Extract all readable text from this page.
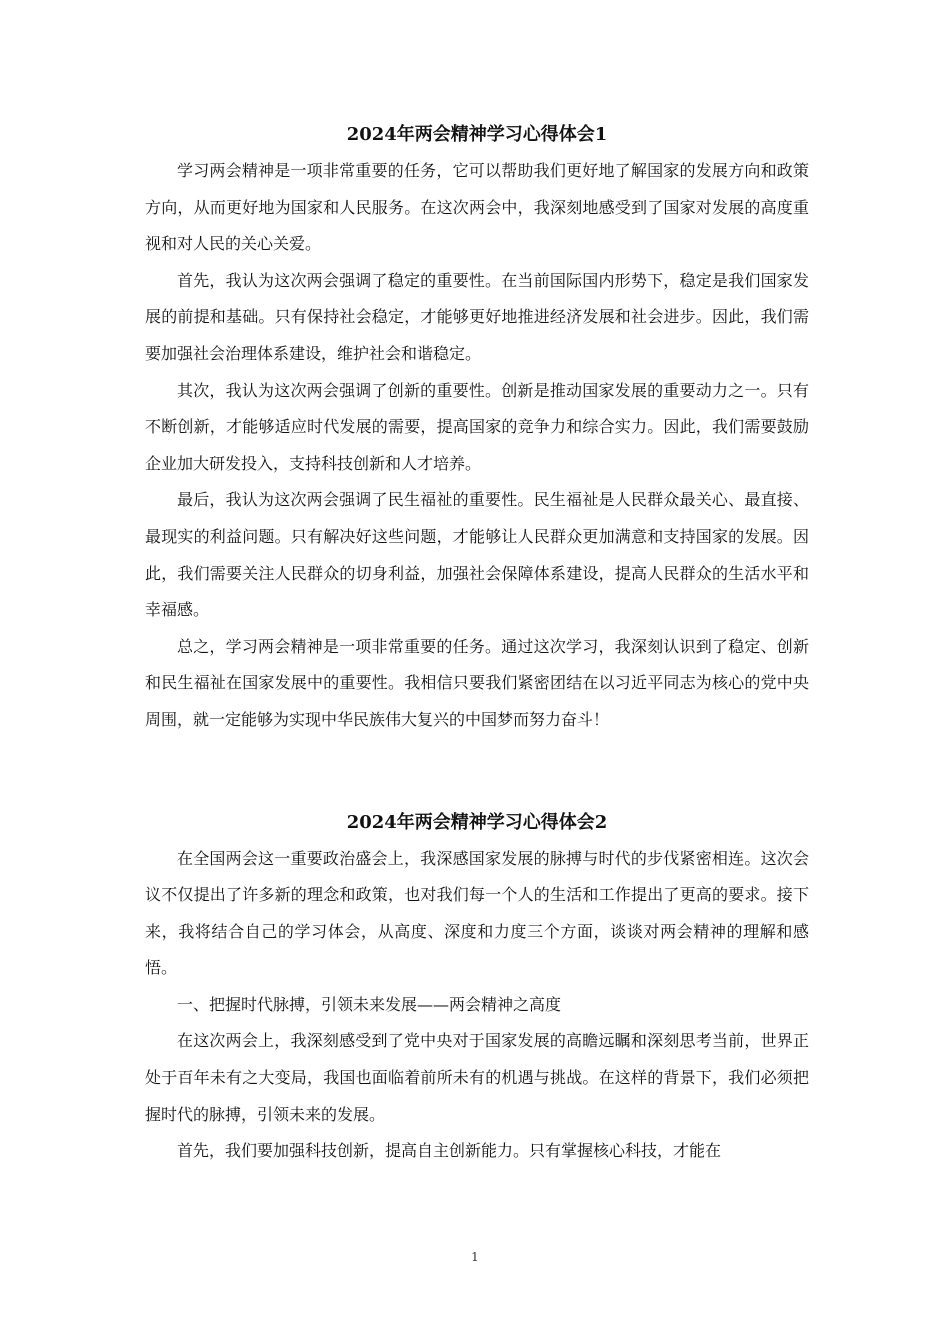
2024年两会精神学习心得体会1

学习两会精神是一项非常重要的任务，它可以帮助我们更好地了解国家的发展方向和政策方向，从而更好地为国家和人民服务。在这次两会中，我深刻地感受到了国家对发展的高度重视和对人民的关心关爱。

首先，我认为这次两会强调了稳定的重要性。在当前国际国内形势下，稳定是我们国家发展的前提和基础。只有保持社会稳定，才能够更好地推进经济发展和社会进步。因此，我们需要加强社会治理体系建设，维护社会和谐稳定。

其次，我认为这次两会强调了创新的重要性。创新是推动国家发展的重要动力之一。只有不断创新，才能够适应时代发展的需要，提高国家的竞争力和综合实力。因此，我们需要鼓励企业加大研发投入，支持科技创新和人才培养。

最后，我认为这次两会强调了民生福祉的重要性。民生福祉是人民群众最关心、最直接、最现实的利益问题。只有解决好这些问题，才能够让人民群众更加满意和支持国家的发展。因此，我们需要关注人民群众的切身利益，加强社会保障体系建设，提高人民群众的生活水平和幸福感。

总之，学习两会精神是一项非常重要的任务。通过这次学习，我深刻认识到了稳定、创新和民生福祉在国家发展中的重要性。我相信只要我们紧密团结在以习近平同志为核心的党中央周围，就一定能够为实现中华民族伟大复兴的中国梦而努力奋斗！

2024年两会精神学习心得体会2

在全国两会这一重要政治盛会上，我深感国家发展的脉搏与时代的步伐紧密相连。这次会议不仅提出了许多新的理念和政策，也对我们每一个人的生活和工作提出了更高的要求。接下来，我将结合自己的学习体会，从高度、深度和力度三个方面，谈谈对两会精神的理解和感悟。

一、把握时代脉搏，引领未来发展——两会精神之高度

在这次两会上，我深刻感受到了党中央对于国家发展的高瞻远瞩和深刻思考当前，世界正处于百年未有之大变局，我国也面临着前所未有的机遇与挑战。在这样的背景下，我们必须把握时代的脉搏，引领未来的发展。

首先，我们要加强科技创新，提高自主创新能力。只有掌握核心科技，才能在

1
